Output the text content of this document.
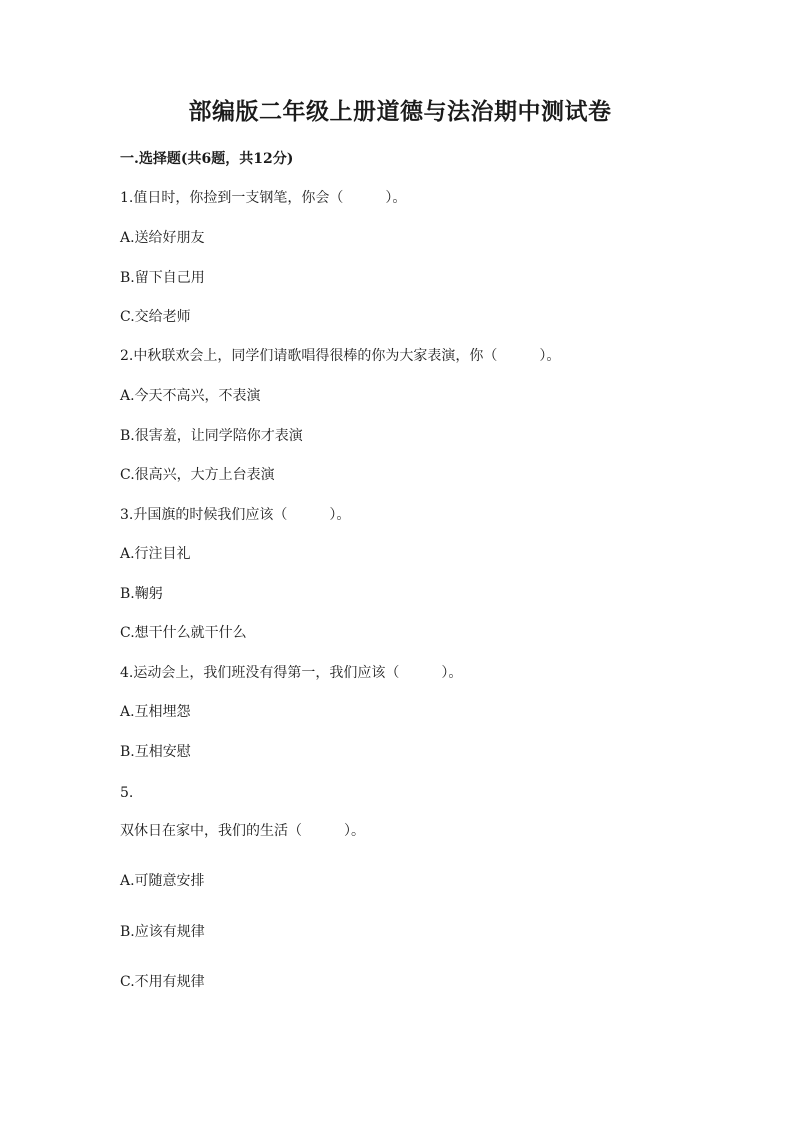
部编版二年级上册道德与法治期中测试卷
一.选择题(共6题，共12分)
1.值日时，你捡到一支钢笔，你会（　　　）。
A.送给好朋友
B.留下自己用
C.交给老师
2.中秋联欢会上，同学们请歌唱得很棒的你为大家表演，你（　　　）。
A.今天不高兴，不表演
B.很害羞，让同学陪你才表演
C.很高兴，大方上台表演
3.升国旗的时候我们应该（　　　）。
A.行注目礼
B.鞠躬
C.想干什么就干什么
4.运动会上，我们班没有得第一，我们应该（　　　）。
A.互相埋怨
B.互相安慰
5.
双休日在家中，我们的生活（　　　）。
A.可随意安排
B.应该有规律
C.不用有规律
